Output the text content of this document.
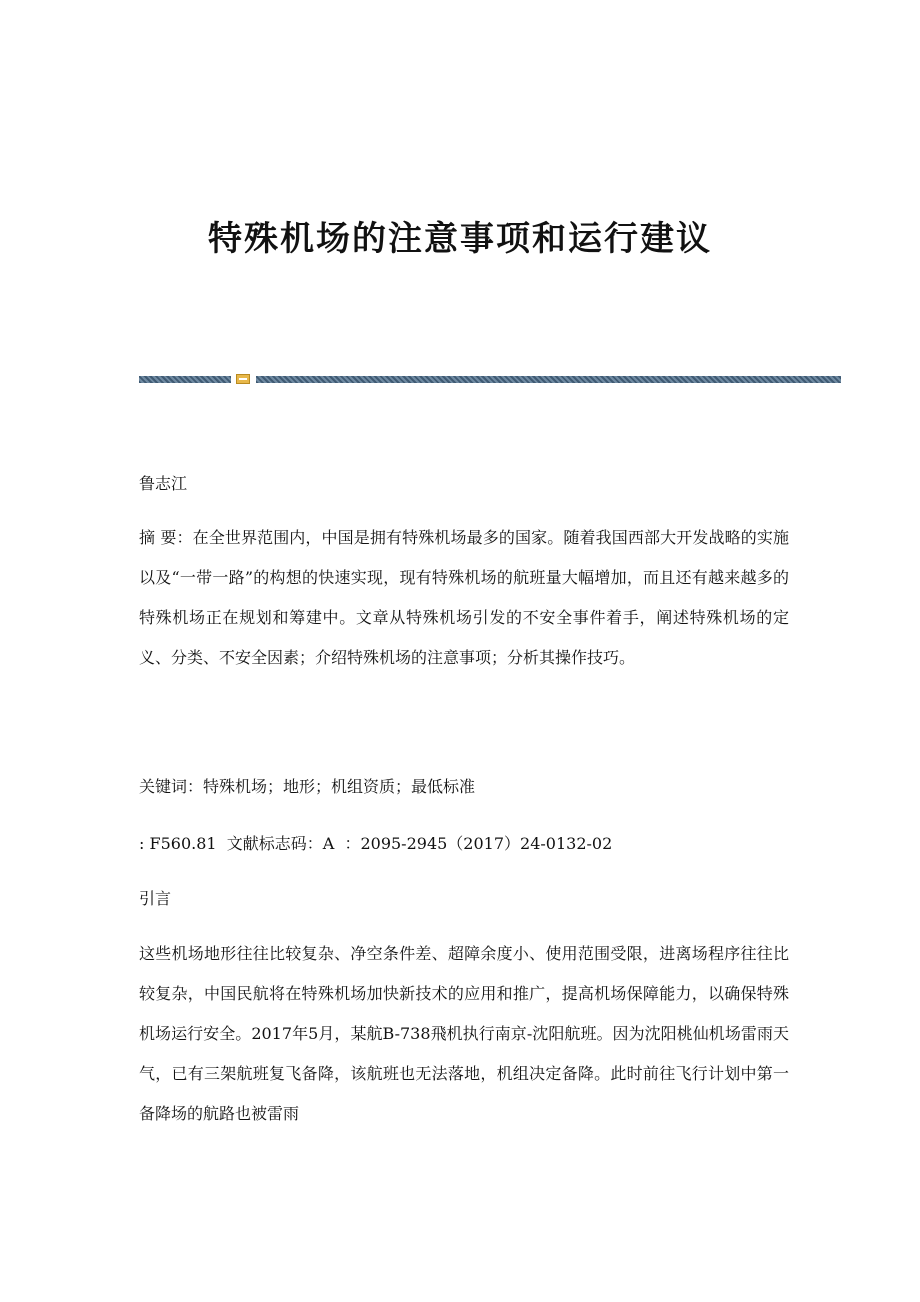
特殊机场的注意事项和运行建议

鲁志江

摘 要：在全世界范围内，中国是拥有特殊机场最多的国家。随着我国西部大开发战略的实施以及“一带一路”的构想的快速实现，现有特殊机场的航班量大幅增加，而且还有越来越多的特殊机场正在规划和筹建中。文章从特殊机场引发的不安全事件着手，阐述特殊机场的定义、分类、不安全因素；介绍特殊机场的注意事项；分析其操作技巧。

关键词：特殊机场；地形；机组资质；最低标准

: F560.81  文献标志码：A  ：2095-2945（2017）24-0132-02

引言

这些机场地形往往比较复杂、净空条件差、超障余度小、使用范围受限，进离场程序往往比较复杂，中国民航将在特殊机场加快新技术的应用和推广，提高机场保障能力，以确保特殊机场运行安全。2017年5月，某航B-738飛机执行南京-沈阳航班。因为沈阳桃仙机场雷雨天气，已有三架航班复飞备降，该航班也无法落地，机组决定备降。此时前往飞行计划中第一备降场的航路也被雷雨
